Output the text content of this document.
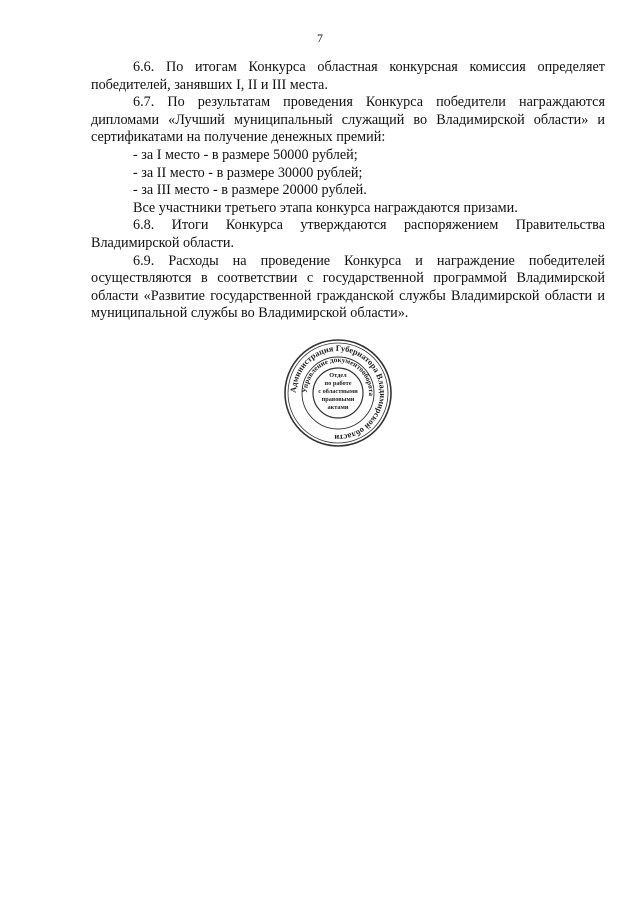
7

6.6. По итогам Конкурса областная конкурсная комиссия определяет победителей, занявших I, II и III места.

6.7. По результатам проведения Конкурса победители награждаются дипломами «Лучший муниципальный служащий во Владимирской области» и сертификатами на получение денежных премий:

- за I место - в размере 50000 рублей;

- за II место - в размере 30000 рублей;

- за III место - в размере 20000 рублей.

Все участники третьего этапа конкурса награждаются призами.

6.8. Итоги Конкурса утверждаются распоряжением Правительства Владимирской области.

6.9. Расходы на проведение Конкурса и награждение победителей осуществляются в соответствии с государственной программой Владимирской области «Развитие государственной гражданской службы Владимирской области и муниципальной службы во Владимирской области».

Администрация Губернатора Владимирской области
Управление документооборота
Отдел
по работе
с областными
правовыми
актами
